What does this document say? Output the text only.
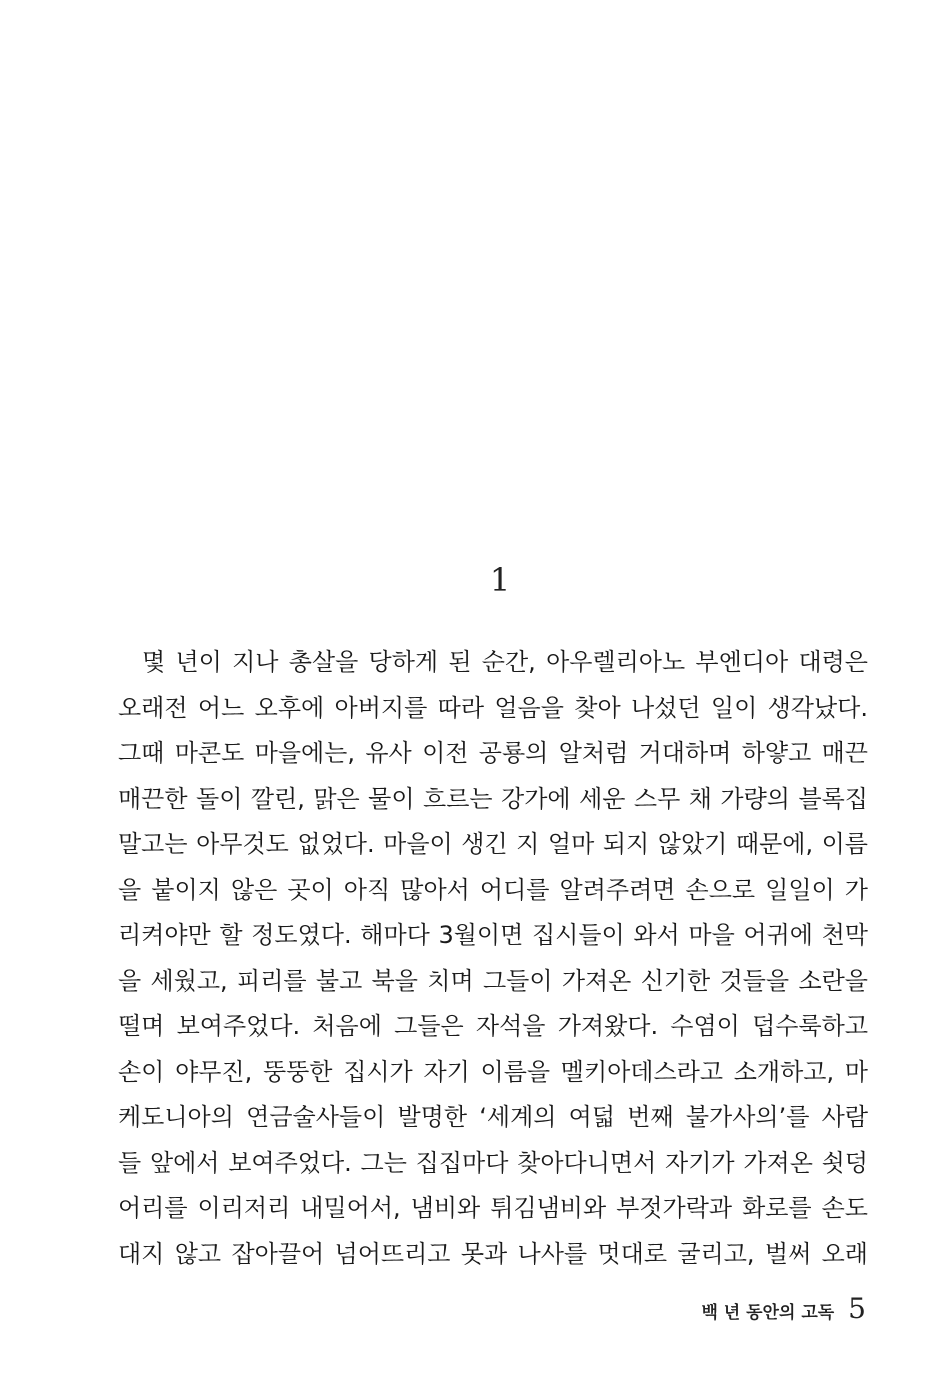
1
몇 년이 지나 총살을 당하게 된 순간, 아우렐리아노 부엔디아 대령은
오래전 어느 오후에 아버지를 따라 얼음을 찾아 나섰던 일이 생각났다.
그때 마콘도 마을에는, 유사 이전 공룡의 알처럼 거대하며 하얗고 매끈
매끈한 돌이 깔린, 맑은 물이 흐르는 강가에 세운 스무 채 가량의 블록집
말고는 아무것도 없었다. 마을이 생긴 지 얼마 되지 않았기 때문에, 이름
을 붙이지 않은 곳이 아직 많아서 어디를 알려주려면 손으로 일일이 가
리켜야만 할 정도였다. 해마다 3월이면 집시들이 와서 마을 어귀에 천막
을 세웠고, 피리를 불고 북을 치며 그들이 가져온 신기한 것들을 소란을
떨며 보여주었다. 처음에 그들은 자석을 가져왔다. 수염이 덥수룩하고
손이 야무진, 뚱뚱한 집시가 자기 이름을 멜키아데스라고 소개하고, 마
케도니아의 연금술사들이 발명한 ‘세계의 여덟 번째 불가사의’를 사람
들 앞에서 보여주었다. 그는 집집마다 찾아다니면서 자기가 가져온 쇳덩
어리를 이리저리 내밀어서, 냄비와 튀김냄비와 부젓가락과 화로를 손도
대지 않고 잡아끌어 넘어뜨리고 못과 나사를 멋대로 굴리고, 벌써 오래
백 년 동안의 고독 5
